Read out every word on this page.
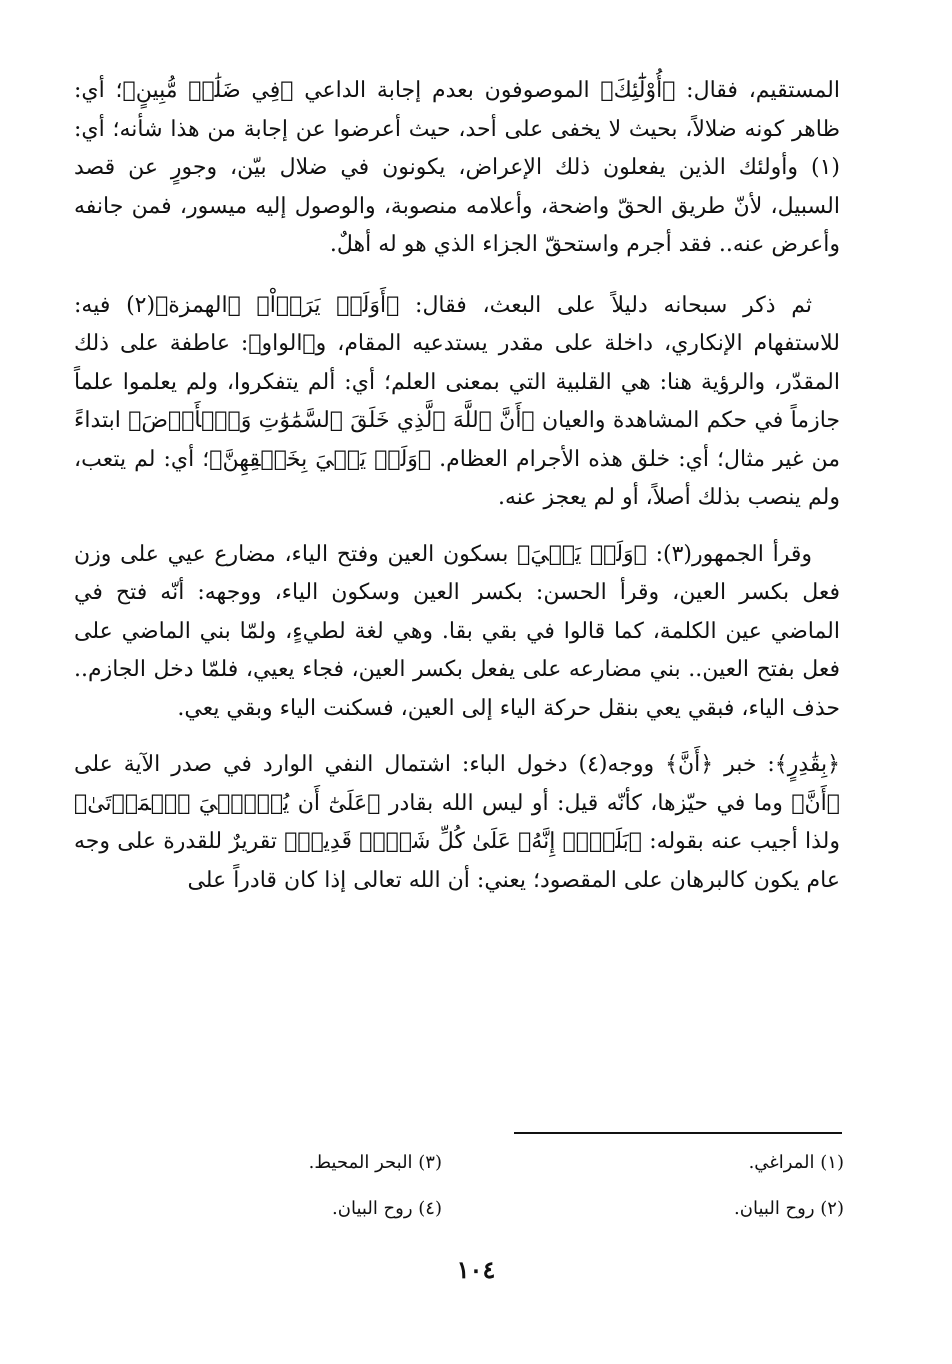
المستقيم، فقال: ﴿أُوْلَٰٓئِكَ﴾ الموصوفون بعدم إجابة الداعي ﴿فِي ضَلَٰلٖ مُّبِينٍ﴾؛ أي: ظاهر كونه ضلالاً، بحيث لا يخفى على أحد، حيث أعرضوا عن إجابة من هذا شأنه؛ أي:(١) وأولئك الذين يفعلون ذلك الإعراض، يكونون في ضلال بيّن، وجورٍ عن قصد السبيل، لأنّ طريق الحقّ واضحة، وأعلامه منصوبة، والوصول إليه ميسور، فمن جانفه وأعرض عنه.. فقد أجرم واستحقّ الجزاء الذي هو له أهلٌ.

ثم ذكر سبحانه دليلاً على البعث، فقال: ﴿أَوَلَمۡ يَرَوۡاْ﴾ ﴿الهمزة﴾(٢) فيه: للاستفهام الإنكاري، داخلة على مقدر يستدعيه المقام، و﴿الواو﴾: عاطفة على ذلك المقدّر، والرؤية هنا: هي القلبية التي بمعنى العلم؛ أي: ألم يتفكروا، ولم يعلموا علماً جازماً في حكم المشاهدة والعيان ﴿أَنَّ ٱللَّهَ ٱلَّذِي خَلَقَ ٱلسَّمَٰوَٰتِ وَٱلۡأَرۡضَ﴾ ابتداءً من غير مثال؛ أي: خلق هذه الأجرام العظام. ﴿وَلَمۡ يَعۡيَ بِخَلۡقِهِنَّ﴾؛ أي: لم يتعب، ولم ينصب بذلك أصلاً، أو لم يعجز عنه.

وقرأ الجمهور(٣): ﴿وَلَمۡ يَعۡيَ﴾ بسكون العين وفتح الياء، مضارع عيي على وزن فعل بكسر العين، وقرأ الحسن: بكسر العين وسكون الياء، ووجهه: أنّه فتح في الماضي عين الكلمة، كما قالوا في بقي بقا. وهي لغة لطيءٍ، ولمّا بني الماضي على فعل بفتح العين.. بني مضارعه على يفعل بكسر العين، فجاء يعيي، فلمّا دخل الجازم.. حذف الياء، فبقي يعي بنقل حركة الياء إلى العين، فسكنت الياء وبقي يعي.

﴿بِقَٰدِرٍ﴾: خبر ﴿أَنَّ﴾ ووجه(٤) دخول الباء: اشتمال النفي الوارد في صدر الآية على ﴿أَنَّ﴾ وما في حيّزها، كأنّه قيل: أو ليس الله بقادر ﴿عَلَىٰٓ أَن يُحۡـِۧيَ ٱلۡمَوۡتَىٰ﴾ ولذا أجيب عنه بقوله: ﴿بَلَىٰٓۚ إِنَّهُۥ عَلَىٰ كُلِّ شَيۡءٖ قَدِيرٞ﴾ تقريرٌ للقدرة على وجه عام يكون كالبرهان على المقصود؛ يعني: أن الله تعالى إذا كان قادراً على

(١) المراغي.
(٣) البحر المحيط.
(٢) روح البيان.
(٤) روح البيان.
١٠٤
